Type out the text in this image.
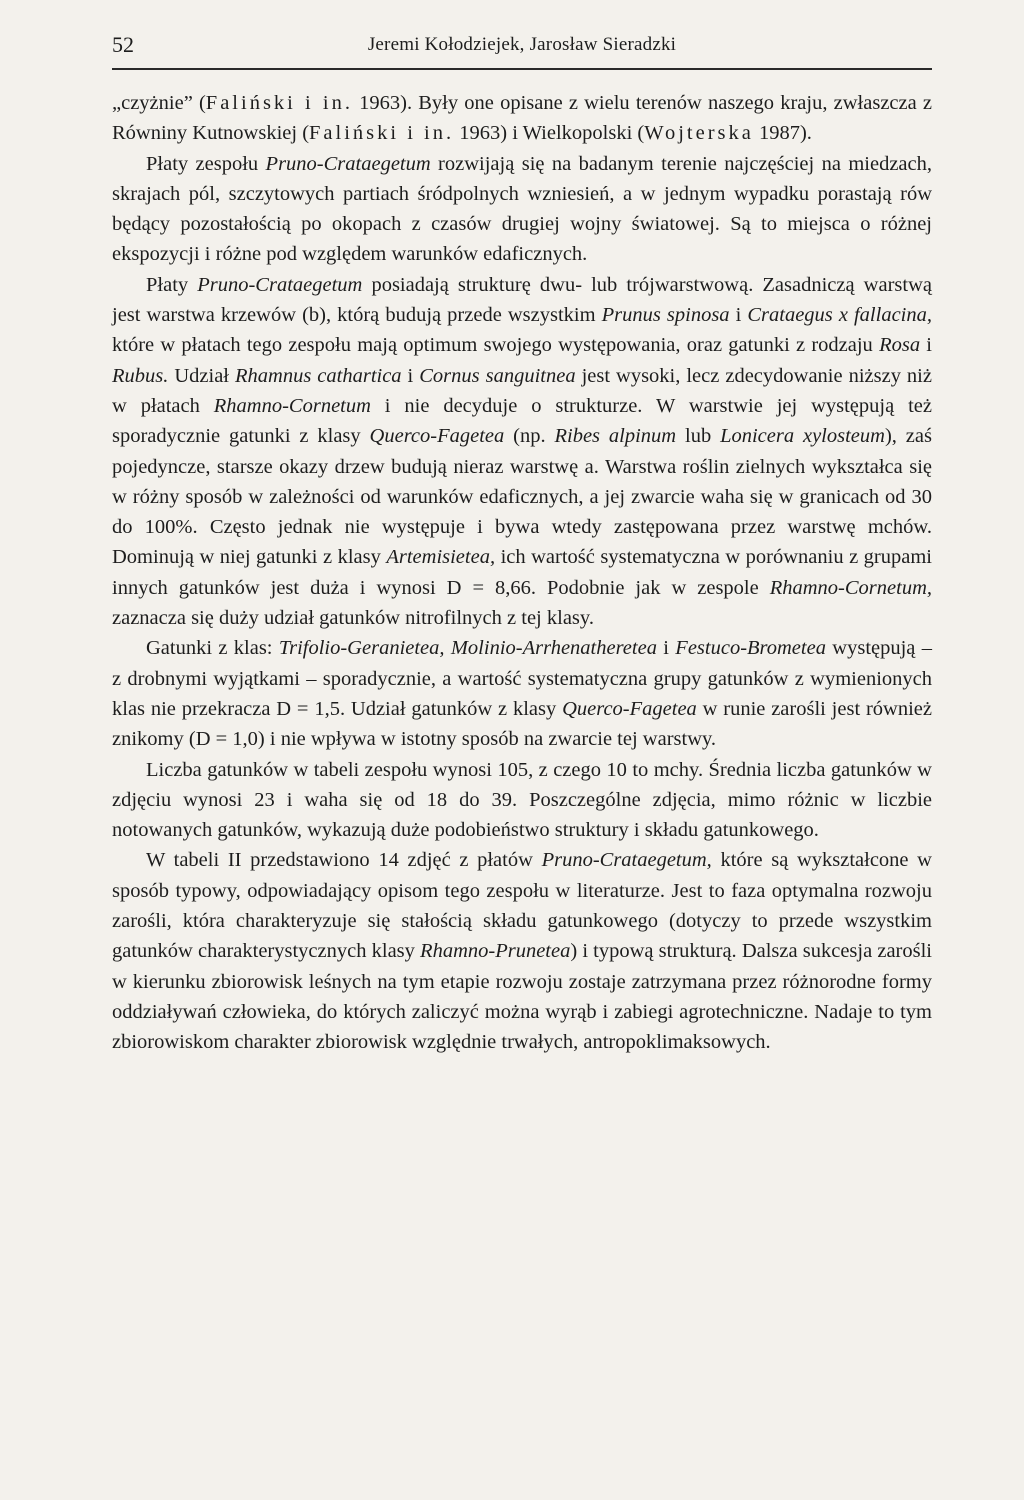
52	Jeremi Kołodziejek, Jarosław Sieradzki

„czyżnie” (Faliński i in. 1963). Były one opisane z wielu terenów naszego kraju, zwłaszcza z Równiny Kutnowskiej (Faliński i in. 1963) i Wielkopolski (Wojterska 1987).

Płaty zespołu Pruno-Crataegetum rozwijają się na badanym terenie najczęściej na miedzach, skrajach pól, szczytowych partiach śródpolnych wzniesień, a w jednym wypadku porastają rów będący pozostałością po okopach z czasów drugiej wojny światowej. Są to miejsca o różnej ekspozycji i różne pod względem warunków edaficznych.

Płaty Pruno-Crataegetum posiadają strukturę dwu- lub trójwarstwową. Zasadniczą warstwą jest warstwa krzewów (b), którą budują przede wszystkim Prunus spinosa i Crataegus x fallacina, które w płatach tego zespołu mają optimum swojego występowania, oraz gatunki z rodzaju Rosa i Rubus. Udział Rhamnus cathartica i Cornus sanguitnea jest wysoki, lecz zdecydowanie niższy niż w płatach Rhamno-Cornetum i nie decyduje o strukturze. W warstwie jej występują też sporadycznie gatunki z klasy Querco-Fagetea (np. Ribes alpinum lub Lonicera xylosteum), zaś pojedyncze, starsze okazy drzew budują nieraz warstwę a. Warstwa roślin zielnych wykształca się w różny sposób w zależności od warunków edaficznych, a jej zwarcie waha się w granicach od 30 do 100%. Często jednak nie występuje i bywa wtedy zastępowana przez warstwę mchów. Dominują w niej gatunki z klasy Artemisietea, ich wartość systematyczna w porównaniu z grupami innych gatunków jest duża i wynosi D = 8,66. Podobnie jak w zespole Rhamno-Cornetum, zaznacza się duży udział gatunków nitrofilnych z tej klasy.

Gatunki z klas: Trifolio-Geranietea, Molinio-Arrhenatheretea i Festuco-Brometea występują – z drobnymi wyjątkami – sporadycznie, a wartość systematyczna grupy gatunków z wymienionych klas nie przekracza D = 1,5. Udział gatunków z klasy Querco-Fagetea w runie zarośli jest również znikomy (D = 1,0) i nie wpływa w istotny sposób na zwarcie tej warstwy.

Liczba gatunków w tabeli zespołu wynosi 105, z czego 10 to mchy. Średnia liczba gatunków w zdjęciu wynosi 23 i waha się od 18 do 39. Poszczególne zdjęcia, mimo różnic w liczbie notowanych gatunków, wykazują duże podobieństwo struktury i składu gatunkowego.

W tabeli II przedstawiono 14 zdjęć z płatów Pruno-Crataegetum, które są wykształcone w sposób typowy, odpowiadający opisom tego zespołu w literaturze. Jest to faza optymalna rozwoju zarośli, która charakteryzuje się stałością składu gatunkowego (dotyczy to przede wszystkim gatunków charakterystycznych klasy Rhamno-Prunetea) i typową strukturą. Dalsza sukcesja zarośli w kierunku zbiorowisk leśnych na tym etapie rozwoju zostaje zatrzymana przez różnorodne formy oddziaływań człowieka, do których zaliczyć można wyrąb i zabiegi agrotechniczne. Nadaje to tym zbiorowiskom charakter zbiorowisk względnie trwałych, antropoklimaksowych.
